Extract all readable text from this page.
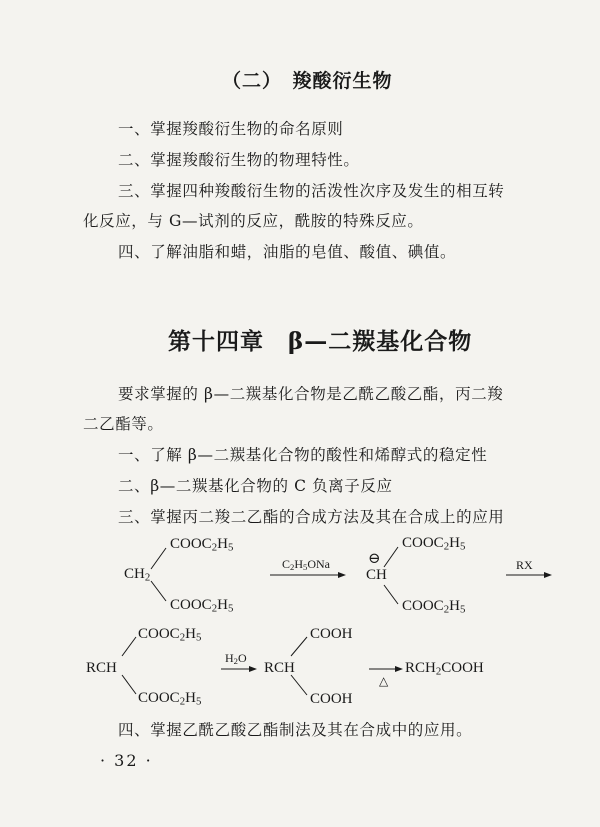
（二）　羧酸衍生物
一、掌握羧酸衍生物的命名原则
二、掌握羧酸衍生物的物理特性。
三、掌握四种羧酸衍生物的活泼性次序及发生的相互转
化反应，与 G—试剂的反应，酰胺的特殊反应。
四、了解油脂和蜡，油脂的皂值、酸值、碘值。
第十四章　β—二羰基化合物
要求掌握的 β—二羰基化合物是乙酰乙酸乙酯，丙二羧
二乙酯等。
一、了解 β—二羰基化合物的酸性和烯醇式的稳定性
二、β—二羰基化合物的 C 负离子反应
三、掌握丙二羧二乙酯的合成方法及其在合成上的应用
$COOC_2H_5$
$CH_2$
$COOC_2H_5$
$C_2H_5ONa$
$COOC_2H_5$
⊖
CH
$COOC_2H_5$
RX
$COOC_2H_5$
RCH
$COOC_2H_5$
$H_2O$
COOH
RCH
COOH
△
$RCH_2COOH$
四、掌握乙酰乙酸乙酯制法及其在合成中的应用。
· 32 ·
